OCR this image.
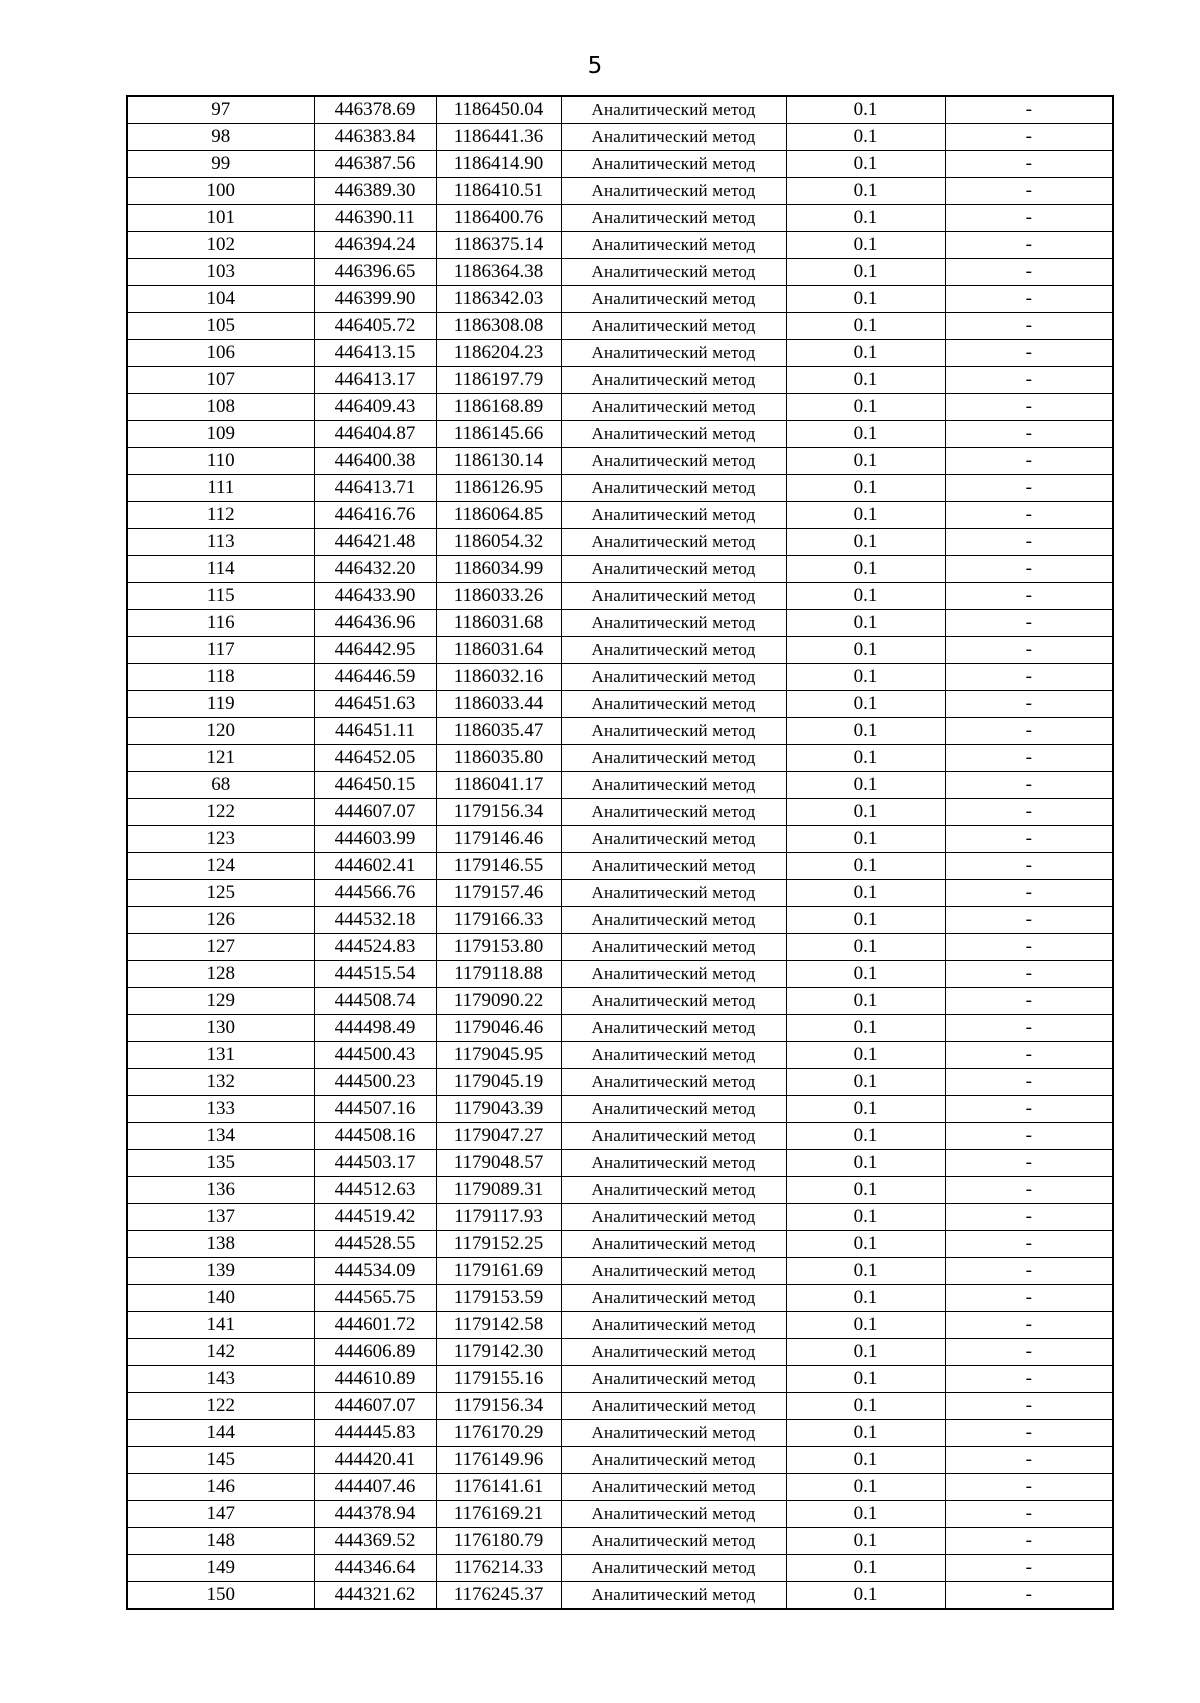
5
97	446378.69	1186450.04	Аналитический метод	0.1	-
98	446383.84	1186441.36	Аналитический метод	0.1	-
99	446387.56	1186414.90	Аналитический метод	0.1	-
100	446389.30	1186410.51	Аналитический метод	0.1	-
101	446390.11	1186400.76	Аналитический метод	0.1	-
102	446394.24	1186375.14	Аналитический метод	0.1	-
103	446396.65	1186364.38	Аналитический метод	0.1	-
104	446399.90	1186342.03	Аналитический метод	0.1	-
105	446405.72	1186308.08	Аналитический метод	0.1	-
106	446413.15	1186204.23	Аналитический метод	0.1	-
107	446413.17	1186197.79	Аналитический метод	0.1	-
108	446409.43	1186168.89	Аналитический метод	0.1	-
109	446404.87	1186145.66	Аналитический метод	0.1	-
110	446400.38	1186130.14	Аналитический метод	0.1	-
111	446413.71	1186126.95	Аналитический метод	0.1	-
112	446416.76	1186064.85	Аналитический метод	0.1	-
113	446421.48	1186054.32	Аналитический метод	0.1	-
114	446432.20	1186034.99	Аналитический метод	0.1	-
115	446433.90	1186033.26	Аналитический метод	0.1	-
116	446436.96	1186031.68	Аналитический метод	0.1	-
117	446442.95	1186031.64	Аналитический метод	0.1	-
118	446446.59	1186032.16	Аналитический метод	0.1	-
119	446451.63	1186033.44	Аналитический метод	0.1	-
120	446451.11	1186035.47	Аналитический метод	0.1	-
121	446452.05	1186035.80	Аналитический метод	0.1	-
68	446450.15	1186041.17	Аналитический метод	0.1	-
122	444607.07	1179156.34	Аналитический метод	0.1	-
123	444603.99	1179146.46	Аналитический метод	0.1	-
124	444602.41	1179146.55	Аналитический метод	0.1	-
125	444566.76	1179157.46	Аналитический метод	0.1	-
126	444532.18	1179166.33	Аналитический метод	0.1	-
127	444524.83	1179153.80	Аналитический метод	0.1	-
128	444515.54	1179118.88	Аналитический метод	0.1	-
129	444508.74	1179090.22	Аналитический метод	0.1	-
130	444498.49	1179046.46	Аналитический метод	0.1	-
131	444500.43	1179045.95	Аналитический метод	0.1	-
132	444500.23	1179045.19	Аналитический метод	0.1	-
133	444507.16	1179043.39	Аналитический метод	0.1	-
134	444508.16	1179047.27	Аналитический метод	0.1	-
135	444503.17	1179048.57	Аналитический метод	0.1	-
136	444512.63	1179089.31	Аналитический метод	0.1	-
137	444519.42	1179117.93	Аналитический метод	0.1	-
138	444528.55	1179152.25	Аналитический метод	0.1	-
139	444534.09	1179161.69	Аналитический метод	0.1	-
140	444565.75	1179153.59	Аналитический метод	0.1	-
141	444601.72	1179142.58	Аналитический метод	0.1	-
142	444606.89	1179142.30	Аналитический метод	0.1	-
143	444610.89	1179155.16	Аналитический метод	0.1	-
122	444607.07	1179156.34	Аналитический метод	0.1	-
144	444445.83	1176170.29	Аналитический метод	0.1	-
145	444420.41	1176149.96	Аналитический метод	0.1	-
146	444407.46	1176141.61	Аналитический метод	0.1	-
147	444378.94	1176169.21	Аналитический метод	0.1	-
148	444369.52	1176180.79	Аналитический метод	0.1	-
149	444346.64	1176214.33	Аналитический метод	0.1	-
150	444321.62	1176245.37	Аналитический метод	0.1	-
